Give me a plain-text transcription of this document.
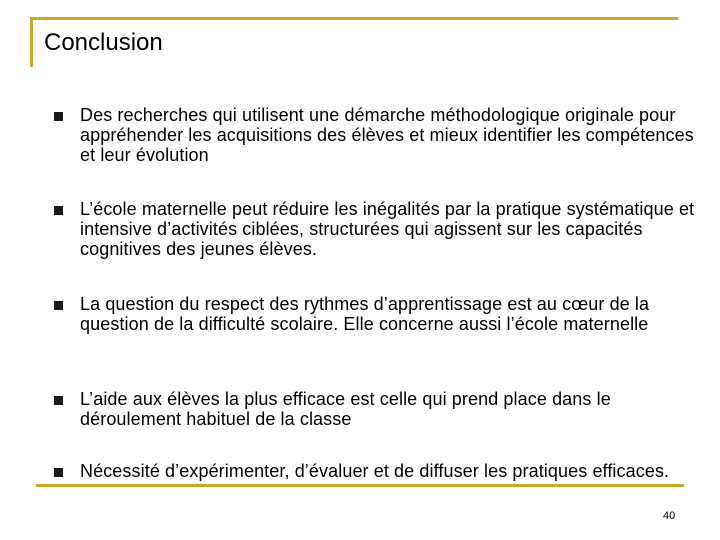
Conclusion
Des recherches qui utilisent une démarche méthodologique originale pour appréhender les acquisitions des élèves et mieux identifier les compétences et leur évolution
L’école maternelle peut réduire les inégalités par la pratique systématique et intensive d’activités ciblées, structurées qui agissent sur les capacités cognitives des jeunes élèves.
La question du respect des rythmes d’apprentissage est au cœur de la question de la difficulté scolaire. Elle concerne aussi l’école maternelle
L’aide aux élèves la plus efficace est celle qui prend place dans le déroulement habituel de la classe
Nécessité d’expérimenter, d’évaluer et de diffuser les pratiques efficaces.
40
